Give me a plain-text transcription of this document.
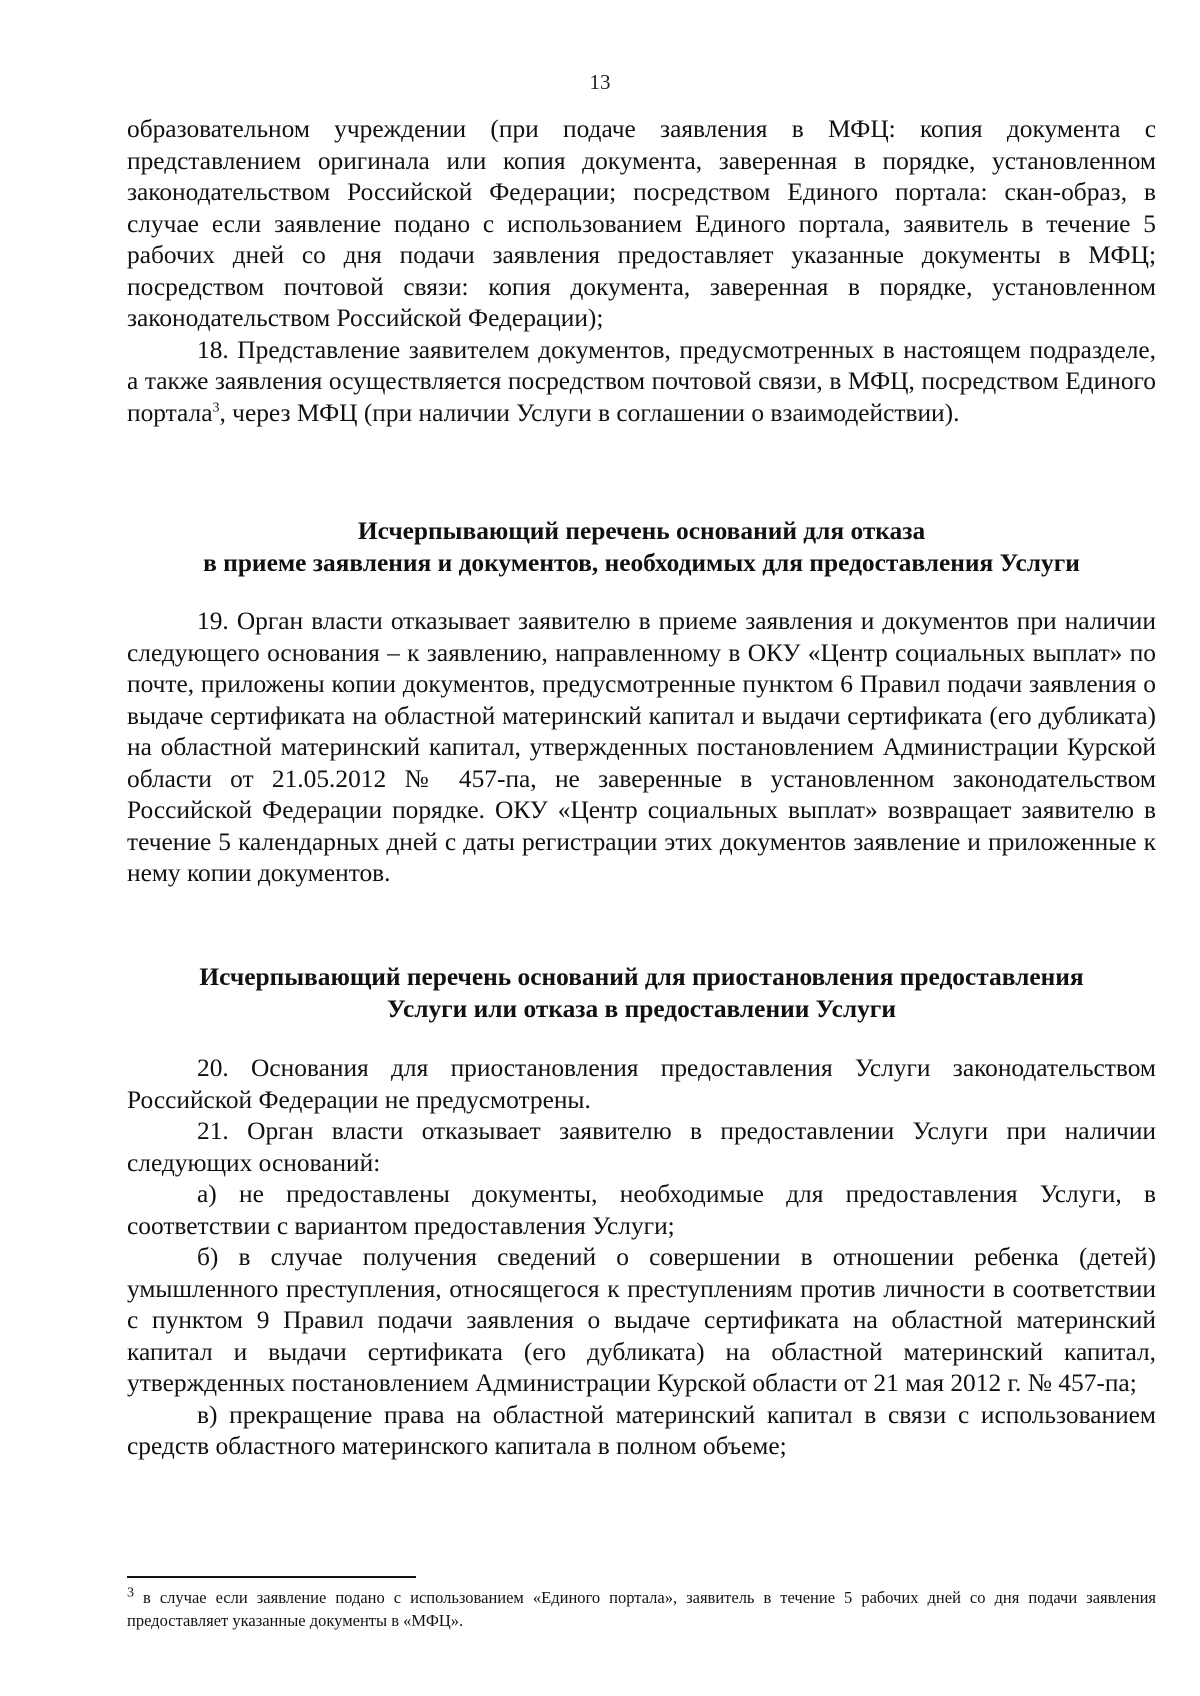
13

образовательном учреждении (при подаче заявления в МФЦ: копия документа с представлением оригинала или копия документа, заверенная в порядке, установленном законодательством Российской Федерации; посредством Единого портала: скан-образ, в случае если заявление подано с использованием Единого портала, заявитель в течение 5 рабочих дней со дня подачи заявления предоставляет указанные документы в МФЦ; посредством почтовой связи: копия документа, заверенная в порядке, установленном законодательством Российской Федерации);

18. Представление заявителем документов, предусмотренных в настоящем подразделе, а также заявления осуществляется посредством почтовой связи, в МФЦ, посредством Единого портала$^3$, через МФЦ (при наличии Услуги в соглашении о взаимодействии).

Исчерпывающий перечень оснований для отказа
в приеме заявления и документов, необходимых для предоставления Услуги

19. Орган власти отказывает заявителю в приеме заявления и документов при наличии следующего основания – к заявлению, направленному в ОКУ «Центр социальных выплат» по почте, приложены копии документов, предусмотренные пунктом 6 Правил подачи заявления о выдаче сертификата на областной материнский капитал и выдачи сертификата (его дубликата) на областной материнский капитал, утвержденных постановлением Администрации Курской области от 21.05.2012 № 457-па, не заверенные в установленном законодательством Российской Федерации порядке. ОКУ «Центр социальных выплат» возвращает заявителю в течение 5 календарных дней с даты регистрации этих документов заявление и приложенные к нему копии документов.

Исчерпывающий перечень оснований для приостановления предоставления
Услуги или отказа в предоставлении Услуги

20. Основания для приостановления предоставления Услуги законодательством Российской Федерации не предусмотрены.

21. Орган власти отказывает заявителю в предоставлении Услуги при наличии следующих оснований:

а) не предоставлены документы, необходимые для предоставления Услуги, в соответствии с вариантом предоставления Услуги;

б) в случае получения сведений о совершении в отношении ребенка (детей) умышленного преступления, относящегося к преступлениям против личности в соответствии с пунктом 9 Правил подачи заявления о выдаче сертификата на областной материнский капитал и выдачи сертификата (его дубликата) на областной материнский капитал, утвержденных постановлением Администрации Курской области от 21 мая 2012 г. № 457-па;

в) прекращение права на областной материнский капитал в связи с использованием средств областного материнского капитала в полном объеме;

$^3$ в случае если заявление подано с использованием «Единого портала», заявитель в течение 5 рабочих дней со дня подачи заявления предоставляет указанные документы в «МФЦ».
